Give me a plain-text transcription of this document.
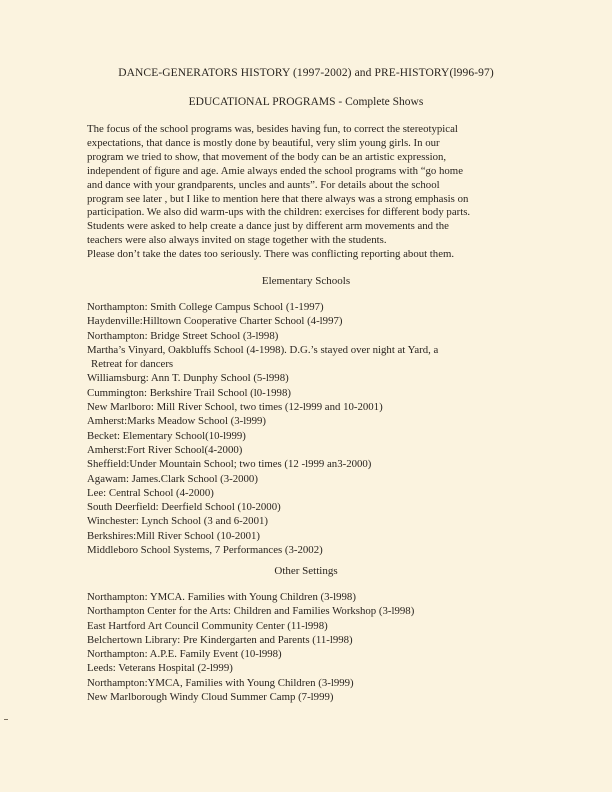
DANCE-GENERATORS HISTORY (1997-2002) and PRE-HISTORY(l996-97)
EDUCATIONAL PROGRAMS - Complete Shows
The focus of the school programs was, besides having fun, to correct the stereotypical
expectations, that dance is mostly done by beautiful, very slim young girls. In our
program we tried to show, that movement of the body can be an artistic expression,
independent of figure and age. Amie always ended the school programs with “go home
and dance with your grandparents, uncles and aunts”. For details about the school
program see later , but I like to mention here that there always was a strong emphasis on
participation. We also did warm-ups with the children: exercises for different body parts.
Students were asked to help create a dance just by different arm movements and the
teachers were also always invited on stage together with the students.
Please don’t take the dates too seriously. There was conflicting reporting about them.
Elementary Schools
Northampton: Smith College Campus School (1-1997)
Haydenville:Hilltown Cooperative Charter School (4-l997)
Northampton: Bridge Street School (3-l998)
Martha’s Vinyard, Oakbluffs School (4-1998). D.G.’s stayed over night at Yard, a
Retreat for dancers
Williamsburg: Ann T. Dunphy School (5-l998)
Cummington: Berkshire Trail School (l0-1998)
New Marlboro: Mill River School, two times (12-l999 and 10-2001)
Amherst:Marks Meadow School (3-l999)
Becket: Elementary School(10-l999)
Amherst:Fort River School(4-2000)
Sheffield:Under Mountain School; two times (12 -l999 an3-2000)
Agawam: James.Clark School (3-2000)
Lee: Central School (4-2000)
South Deerfield: Deerfield School (10-2000)
Winchester: Lynch School (3 and 6-2001)
Berkshires:Mill River School (10-2001)
Middleboro School Systems, 7 Performances (3-2002)
Other Settings
Northampton: YMCA. Families with Young Children (3-l998)
Northampton Center for the Arts: Children and Families Workshop (3-l998)
East Hartford Art Council Community Center (11-l998)
Belchertown Library: Pre Kindergarten and Parents (11-l998)
Northampton: A.P.E. Family Event (10-l998)
Leeds: Veterans Hospital (2-l999)
Northampton:YMCA, Families with Young Children (3-l999)
New Marlborough Windy Cloud Summer Camp (7-l999)
